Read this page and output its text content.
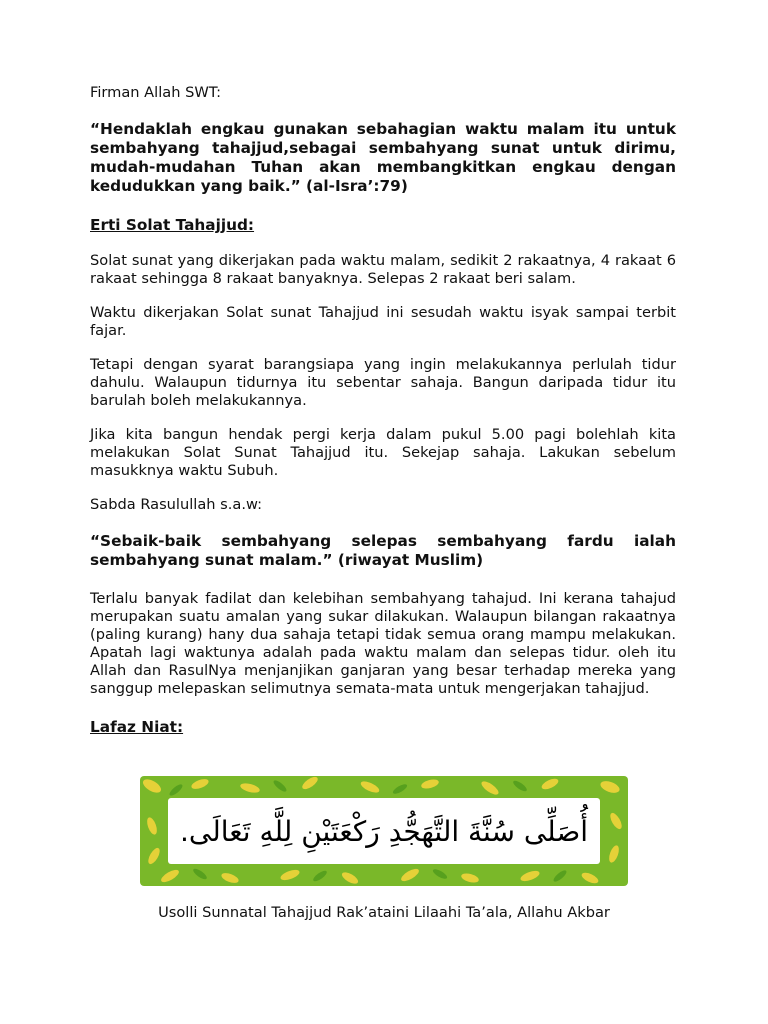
Firman Allah SWT:

“Hendaklah engkau gunakan sebahagian waktu malam itu untuk sembahyang tahajjud,sebagai sembahyang sunat untuk dirimu, mudah-mudahan Tuhan akan membangkitkan engkau dengan kedudukkan yang baik.” (al-Isra’:79)

Erti Solat Tahajjud:

Solat sunat yang dikerjakan pada waktu malam, sedikit 2 rakaatnya, 4 rakaat 6 rakaat sehingga 8 rakaat banyaknya. Selepas 2 rakaat beri salam.

Waktu dikerjakan Solat sunat Tahajjud ini sesudah waktu isyak sampai terbit fajar.

Tetapi dengan syarat barangsiapa yang ingin melakukannya perlulah tidur dahulu. Walaupun tidurnya itu sebentar sahaja. Bangun daripada tidur itu barulah boleh melakukannya.

Jika kita bangun hendak pergi kerja dalam pukul 5.00 pagi bolehlah kita melakukan Solat Sunat Tahajjud itu. Sekejap sahaja. Lakukan sebelum masukknya waktu Subuh.

Sabda Rasulullah s.a.w:

“Sebaik-baik sembahyang selepas sembahyang fardu ialah sembahyang sunat malam.” (riwayat Muslim)

Terlalu banyak fadilat dan kelebihan sembahyang tahajud. Ini kerana tahajud merupakan suatu amalan yang sukar dilakukan. Walaupun bilangan rakaatnya (paling kurang) hany dua sahaja tetapi tidak semua orang mampu melakukan. Apatah lagi waktunya adalah pada waktu malam dan selepas tidur. oleh itu Allah dan RasulNya menjanjikan ganjaran yang besar terhadap mereka yang sanggup melepaskan selimutnya semata-mata untuk mengerjakan tahajjud.

Lafaz Niat:

أُصَلِّى سُنَّةَ التَّهَجُّدِ رَكْعَتَيْنِ لِلَّهِ تَعَالَى.
Usolli Sunnatal Tahajjud Rak’ataini Lilaahi Ta’ala, Allahu Akbar
